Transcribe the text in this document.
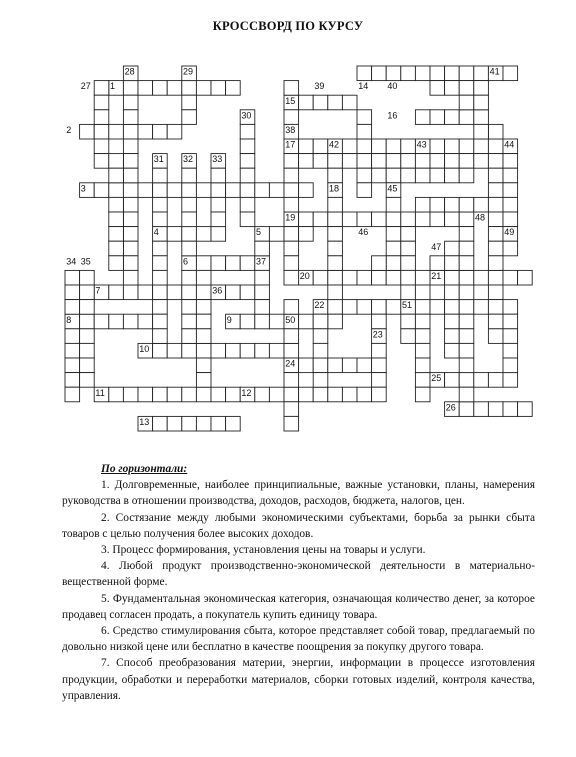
КРОССВОРД ПО КУРСУ
1
2
3
4	5
6
7
8	9
10
11	12
13
14
15
16
17
18
19
20	21
22
23
24
25
26
27
28	29
30
31 32 33
34 35
36
37
38
39	40
41
42	43	44
45
46
47
48
49
50
51
По горизонтали:

1. Долговременные, наиболее принципиальные, важные установки, планы, намерения руководства в отношении производства, доходов, расходов, бюджета, налогов, цен.

2. Состязание между любыми экономическими субъектами, борьба за рынки сбыта товаров с целью получения более высоких доходов.

3. Процесс формирования, установления цены на товары и услуги.

4. Любой продукт производственно-экономической деятельности в материально-вещественной форме.

5. Фундаментальная экономическая категория, означающая количество денег, за которое продавец согласен продать, а покупатель купить единицу товара.

6. Средство стимулирования сбыта, которое представляет собой товар, предлагаемый по довольно низкой цене или бесплатно в качестве поощрения за покупку другого товара.

7. Способ преобразования материи, энергии, информации в процессе изготовления продукции, обработки и переработки материалов, сборки готовых изделий, контроля качества, управления.
